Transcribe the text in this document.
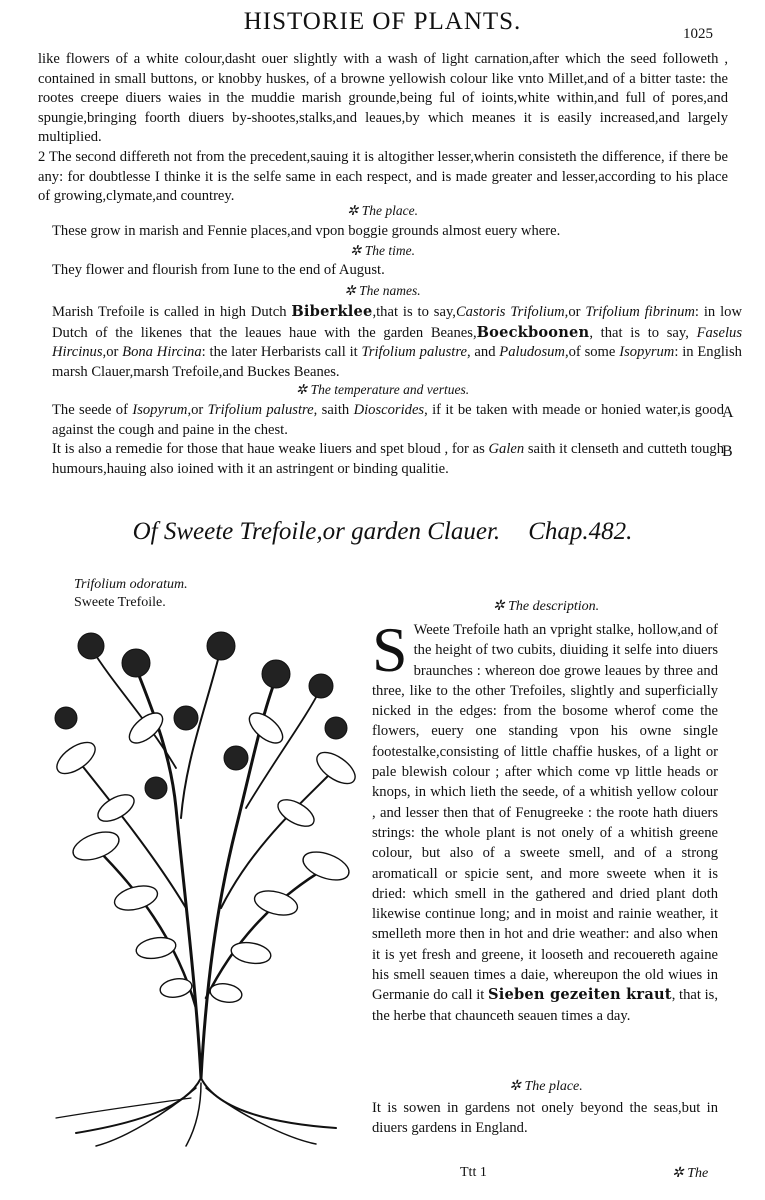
HISTORIE OF PLANTS.	1025

like flowers of a white colour,dasht ouer slightly with a wash of light carnation,after which the seed followeth , contained in small buttons, or knobby huskes, of a browne yellowish colour like vnto Millet,and of a bitter taste: the rootes creepe diuers waies in the muddie marish grounde,being ful of ioints,white within,and full of pores,and spungie,bringing foorth diuers by-shootes,stalks,and leaues,by which meanes it is easily increased,and largely multiplied.

2 The second differeth not from the precedent,sauing it is altogither lesser,wherin consisteth the difference, if there be any: for doubtlesse I thinke it is the selfe same in each respect, and is made greater and lesser,according to his place of growing,clymate,and countrey.

✲ The place.

These grow in marish and Fennie places,and vpon boggie grounds almost euery where.

✲ The time.

They flower and flourish from Iune to the end of August.

✲ The names.

Marish Trefoile is called in high Dutch Biberklee,that is to say,Castoris Trifolium,or Trifolium fibrinum: in low Dutch of the likenes that the leaues haue with the garden Beanes,Boeckboonen, that is to say, Faselus Hircinus,or Bona Hircina: the later Herbarists call it Trifolium palustre, and Paludosum,of some Isopyrum: in English marsh Clauer,marsh Trefoile,and Buckes Beanes.

✲ The temperature and vertues.

The seede of Isopyrum,or Trifolium palustre, saith Dioscorides, if it be taken with meade or honied water,is good against the cough and paine in the chest.

It is also a remedie for those that haue weake liuers and spet bloud , for as Galen saith it clenseth and cutteth tough humours,hauing also ioined with it an astringent or binding qualitie.

A
B
Of Sweete Trefoile,or garden Clauer. Chap.482.
Trifolium odoratum.
Sweete Trefoile.	✲ The description.
S Weete Trefoile hath an vpright stalke, hollow,and of the height of two cubits, diuiding it selfe into diuers braunches : whereon doe growe leaues by three and three, like to the other Trefoiles, slightly and superficially nicked in the edges: from the bosome wherof come the flowers, euery one standing vpon his owne single footestalke,consisting of little chaffie huskes, of a light or pale blewish colour ; after which come vp little heads or knops, in which lieth the seede, of a whitish yellow colour , and lesser then that of Fenugreeke : the roote hath diuers strings: the whole plant is not onely of a whitish greene colour, but also of a sweete smell, and of a strong aromaticall or spicie sent, and more sweete when it is dried: which smell in the gathered and dried plant doth likewise continue long; and in moist and rainie weather, it smelleth more then in hot and drie weather: and also when it is yet fresh and greene, it looseth and recouereth againe his smell seauen times a daie, whereupon the old wiues in Germanie do call it Sieben gezeiten kraut, that is, the herbe that chaunceth seauen times a day.
✲ The place.
It is sowen in gardens not onely beyond the seas,but in diuers gardens in England.
Ttt 1	✲ The
